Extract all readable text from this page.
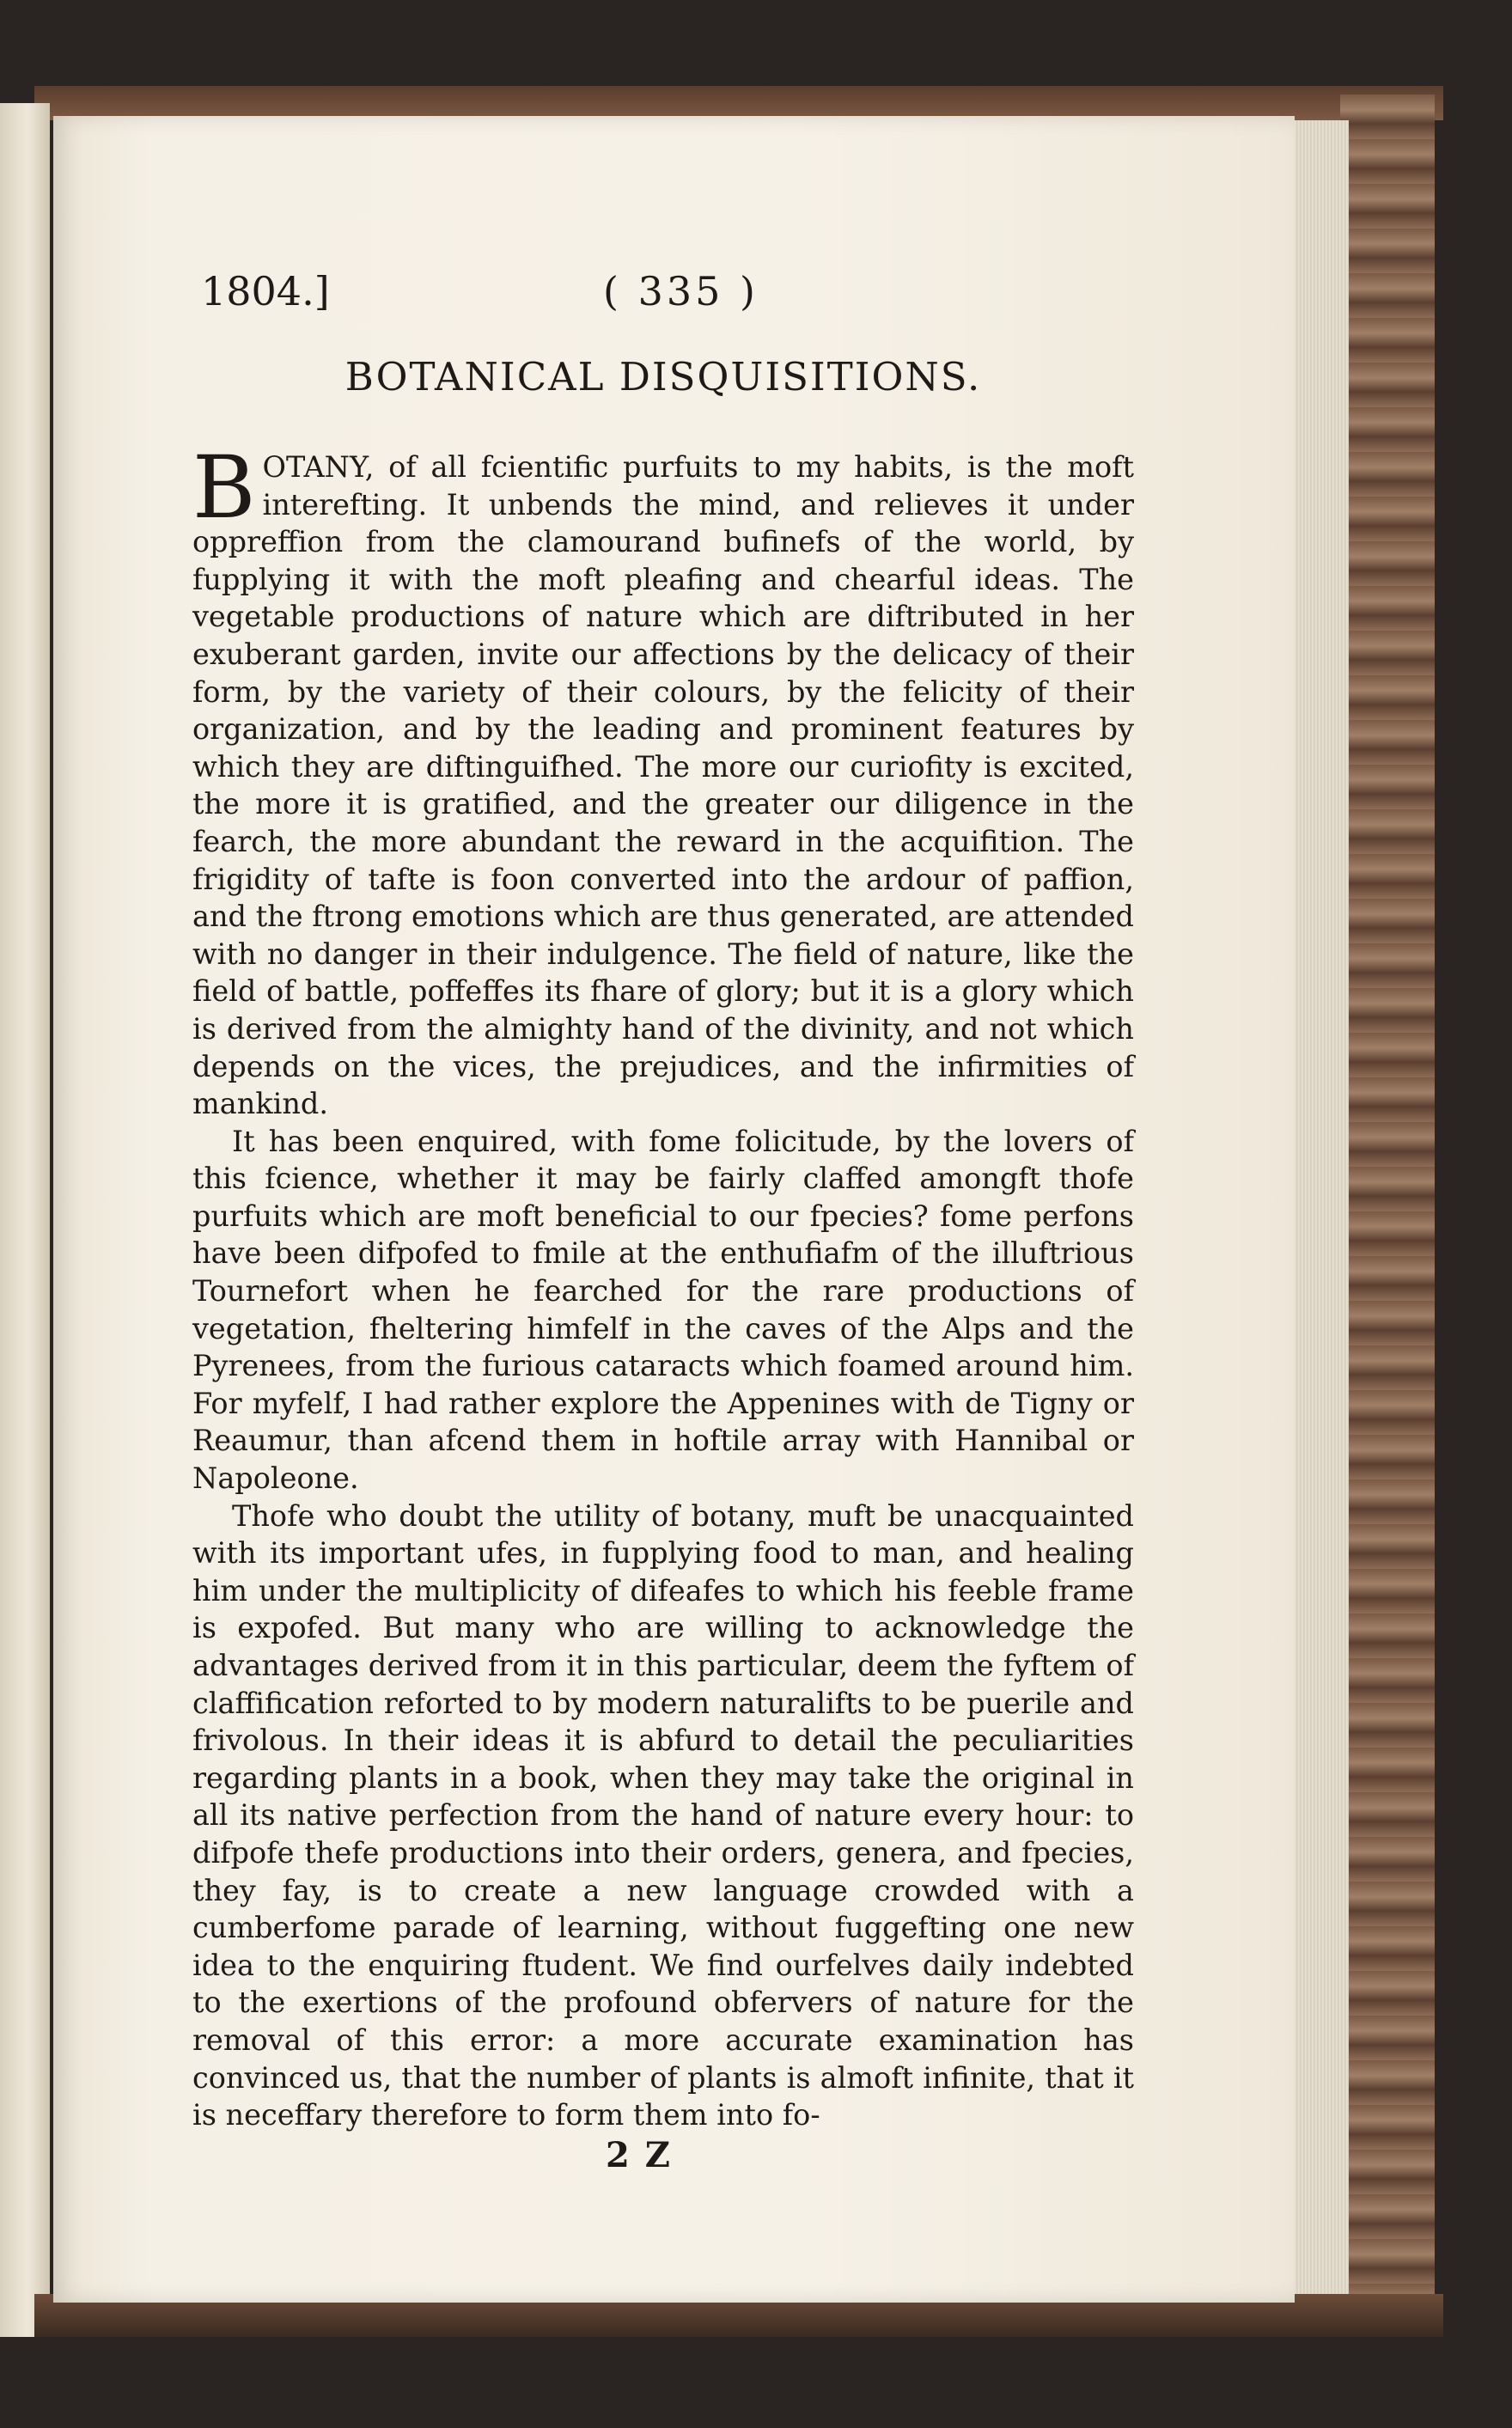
1804.]	( 335 )
BOTANICAL DISQUISITIONS.

BOTANY, of all fcientific purfuits to my habits, is the moft interefting. It unbends the mind, and relieves it under oppreffion from the clamourand bufinefs of the world, by fupplying it with the moft pleafing and chearful ideas. The vegetable productions of nature which are diftributed in her exuberant garden, invite our affections by the delicacy of their form, by the variety of their colours, by the felicity of their organization, and by the leading and prominent features by which they are diftinguifhed. The more our curiofity is excited, the more it is gratified, and the greater our diligence in the fearch, the more abundant the reward in the acquifition. The frigidity of tafte is foon converted into the ardour of paffion, and the ftrong emotions which are thus generated, are attended with no danger in their indulgence. The field of nature, like the field of battle, poffeffes its fhare of glory; but it is a glory which is derived from the almighty hand of the divinity, and not which depends on the vices, the prejudices, and the infirmities of mankind.

It has been enquired, with fome folicitude, by the lovers of this fcience, whether it may be fairly claffed amongft thofe purfuits which are moft beneficial to our fpecies? fome perfons have been difpofed to fmile at the enthufiafm of the illuftrious Tournefort when he fearched for the rare productions of vegetation, fheltering himfelf in the caves of the Alps and the Pyrenees, from the furious cataracts which foamed around him. For myfelf, I had rather explore the Appenines with de Tigny or Reaumur, than afcend them in hoftile array with Hannibal or Napoleone.

Thofe who doubt the utility of botany, muft be unacquainted with its important ufes, in fupplying food to man, and healing him under the multiplicity of difeafes to which his feeble frame is expofed. But many who are willing to acknowledge the advantages derived from it in this particular, deem the fyftem of claffification reforted to by modern naturalifts to be puerile and frivolous. In their ideas it is abfurd to detail the peculiarities regarding plants in a book, when they may take the original in all its native perfection from the hand of nature every hour: to difpofe thefe productions into their orders, genera, and fpecies, they fay, is to create a new language crowded with a cumberfome parade of learning, without fuggefting one new idea to the enquiring ftudent. We find ourfelves daily indebted to the exertions of the profound obfervers of nature for the removal of this error: a more accurate examination has convinced us, that the number of plants is almoft infinite, that it is neceffary therefore to form them into fo-

2 Z
